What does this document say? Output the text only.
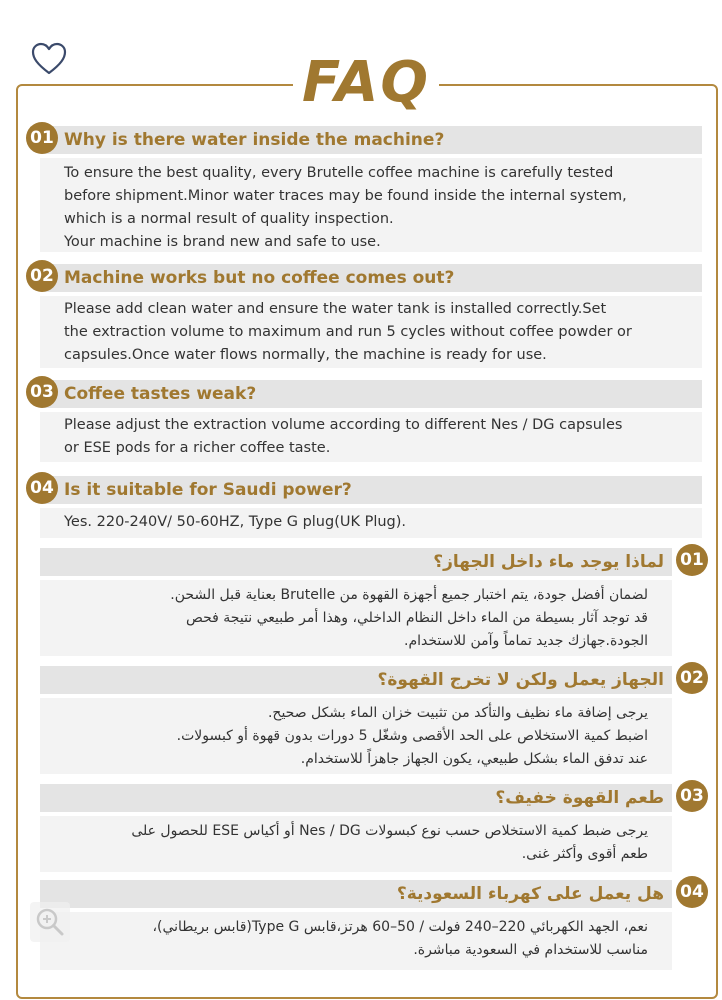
FAQ
01 Why is there water inside the machine?
To ensure the best quality, every Brutelle coffee machine is carefully tested
before shipment.Minor water traces may be found inside the internal system,
which is a normal result of quality inspection.
Your machine is brand new and safe to use.
02 Machine works but no coffee comes out?
Please add clean water and ensure the water tank is installed correctly.Set
the extraction volume to maximum and run 5 cycles without coffee powder or
capsules.Once water flows normally, the machine is ready for use.
03 Coffee tastes weak?
Please adjust the extraction volume according to different Nes / DG capsules
or ESE pods for a richer coffee taste.
04 Is it suitable for Saudi power?
Yes. 220-240V/ 50-60HZ, Type G plug(UK Plug).
01
لماذا يوجد ماء داخل الجهاز؟
لضمان أفضل جودة، يتم اختبار جميع أجهزة القهوة من Brutelle بعناية قبل الشحن.
قد توجد آثار بسيطة من الماء داخل النظام الداخلي، وهذا أمر طبيعي نتيجة فحص
الجودة.جهازك جديد تماماً وآمن للاستخدام.
02
الجهاز يعمل ولكن لا تخرج القهوة؟
يرجى إضافة ماء نظيف والتأكد من تثبيت خزان الماء بشكل صحيح.
اضبط كمية الاستخلاص على الحد الأقصى وشغّل 5 دورات بدون قهوة أو كبسولات.
عند تدفق الماء بشكل طبيعي، يكون الجهاز جاهزاً للاستخدام.
03
طعم القهوة خفيف؟
يرجى ضبط كمية الاستخلاص حسب نوع كبسولات Nes / DG أو أكياس ESE للحصول على
طعم أقوى وأكثر غنى.
04
هل يعمل على كهرباء السعودية؟
نعم، الجهد الكهربائي 220–240 فولت / 50–60 هرتز،قابس Type G(قابس بريطاني)،
مناسب للاستخدام في السعودية مباشرة.
